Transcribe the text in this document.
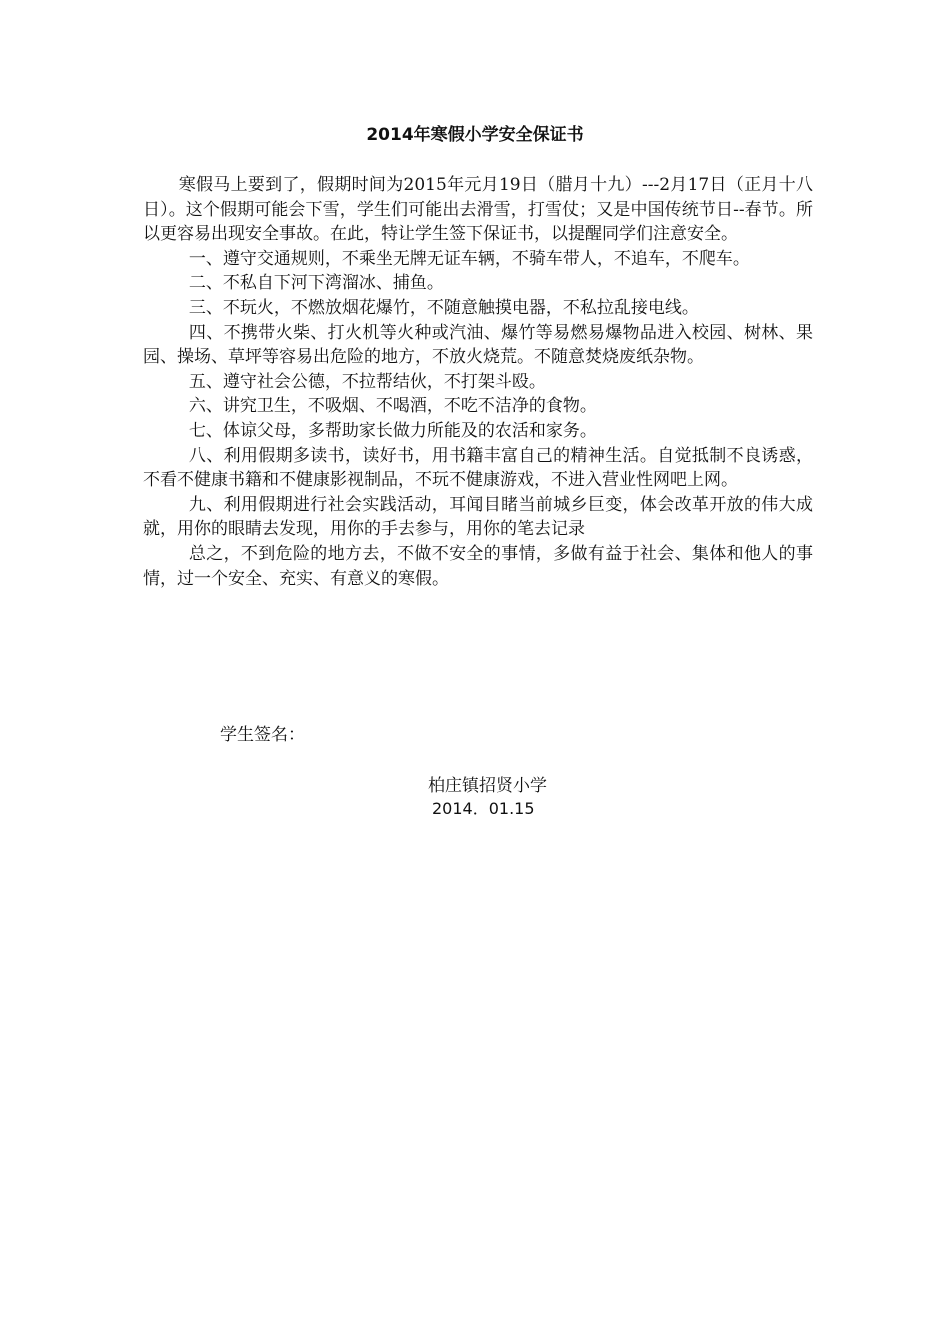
2014年寒假小学安全保证书

寒假马上要到了，假期时间为2015年元月19日（腊月十九）---2月17日（正月十八日）。这个假期可能会下雪，学生们可能出去滑雪，打雪仗；又是中国传统节日--春节。所以更容易出现安全事故。在此，特让学生签下保证书，以提醒同学们注意安全。

一、遵守交通规则，不乘坐无牌无证车辆，不骑车带人，不追车，不爬车。

二、不私自下河下湾溜冰、捕鱼。

三、不玩火，不燃放烟花爆竹，不随意触摸电器，不私拉乱接电线。

四、不携带火柴、打火机等火种或汽油、爆竹等易燃易爆物品进入校园、树林、果园、操场、草坪等容易出危险的地方，不放火烧荒。不随意焚烧废纸杂物。

五、遵守社会公德，不拉帮结伙，不打架斗殴。

六、讲究卫生，不吸烟、不喝酒，不吃不洁净的食物。

七、体谅父母，多帮助家长做力所能及的农活和家务。

八、利用假期多读书，读好书，用书籍丰富自己的精神生活。自觉抵制不良诱惑，不看不健康书籍和不健康影视制品，不玩不健康游戏，不进入营业性网吧上网。

九、利用假期进行社会实践活动，耳闻目睹当前城乡巨变，体会改革开放的伟大成就，用你的眼睛去发现，用你的手去参与，用你的笔去记录

总之，不到危险的地方去，不做不安全的事情，多做有益于社会、集体和他人的事情，过一个安全、充实、有意义的寒假。

学生签名：
柏庄镇招贤小学
2014．01.15
